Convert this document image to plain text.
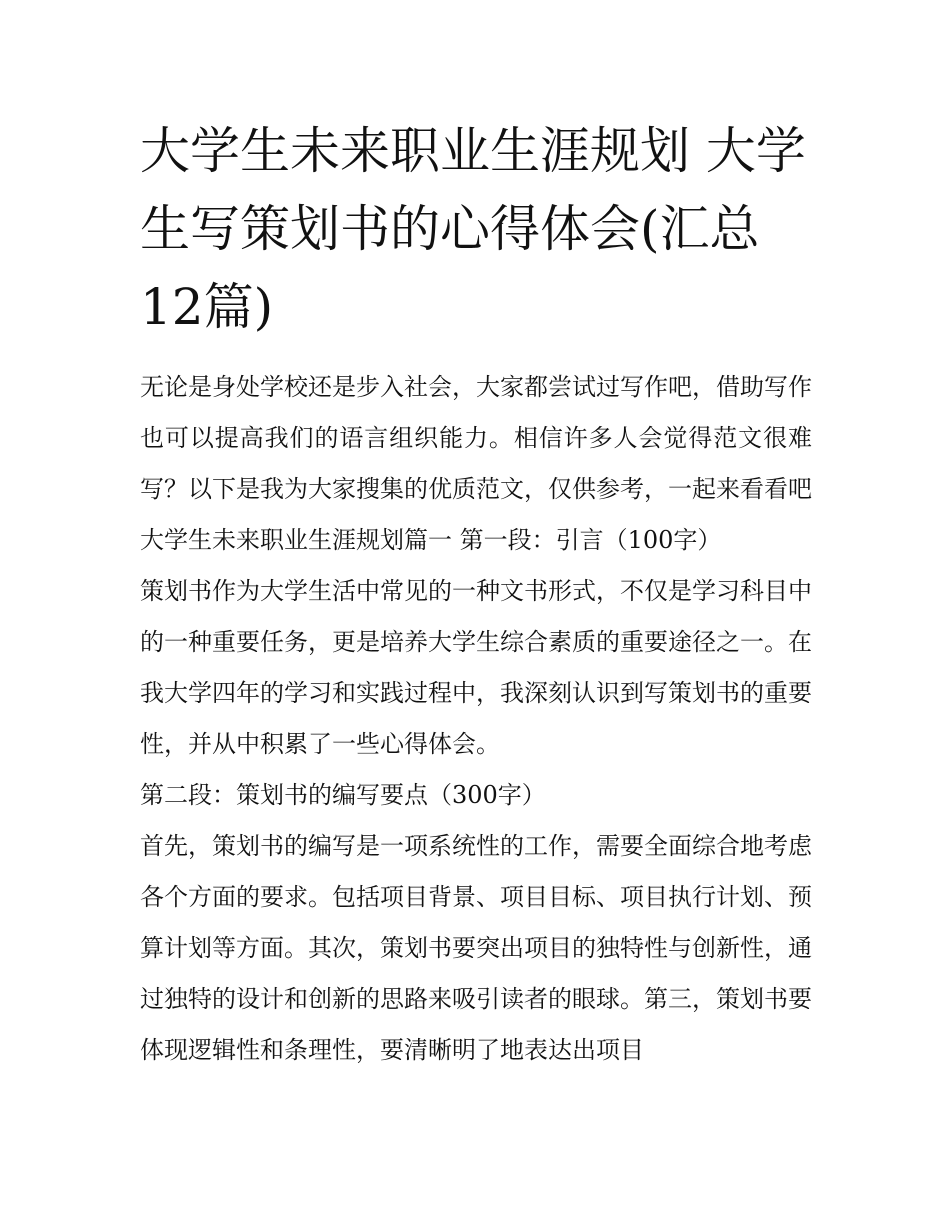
大学生未来职业生涯规划 大学生写策划书的心得体会(汇总12篇)

无论是身处学校还是步入社会，大家都尝试过写作吧，借助写作也可以提高我们的语言组织能力。相信许多人会觉得范文很难写？以下是我为大家搜集的优质范文，仅供参考，一起来看看吧

大学生未来职业生涯规划篇一 第一段：引言（100字）

策划书作为大学生活中常见的一种文书形式，不仅是学习科目中的一种重要任务，更是培养大学生综合素质的重要途径之一。在我大学四年的学习和实践过程中，我深刻认识到写策划书的重要性，并从中积累了一些心得体会。

第二段：策划书的编写要点（300字）

首先，策划书的编写是一项系统性的工作，需要全面综合地考虑各个方面的要求。包括项目背景、项目目标、项目执行计划、预算计划等方面。其次，策划书要突出项目的独特性与创新性，通过独特的设计和创新的思路来吸引读者的眼球。第三，策划书要体现逻辑性和条理性，要清晰明了地表达出项目
